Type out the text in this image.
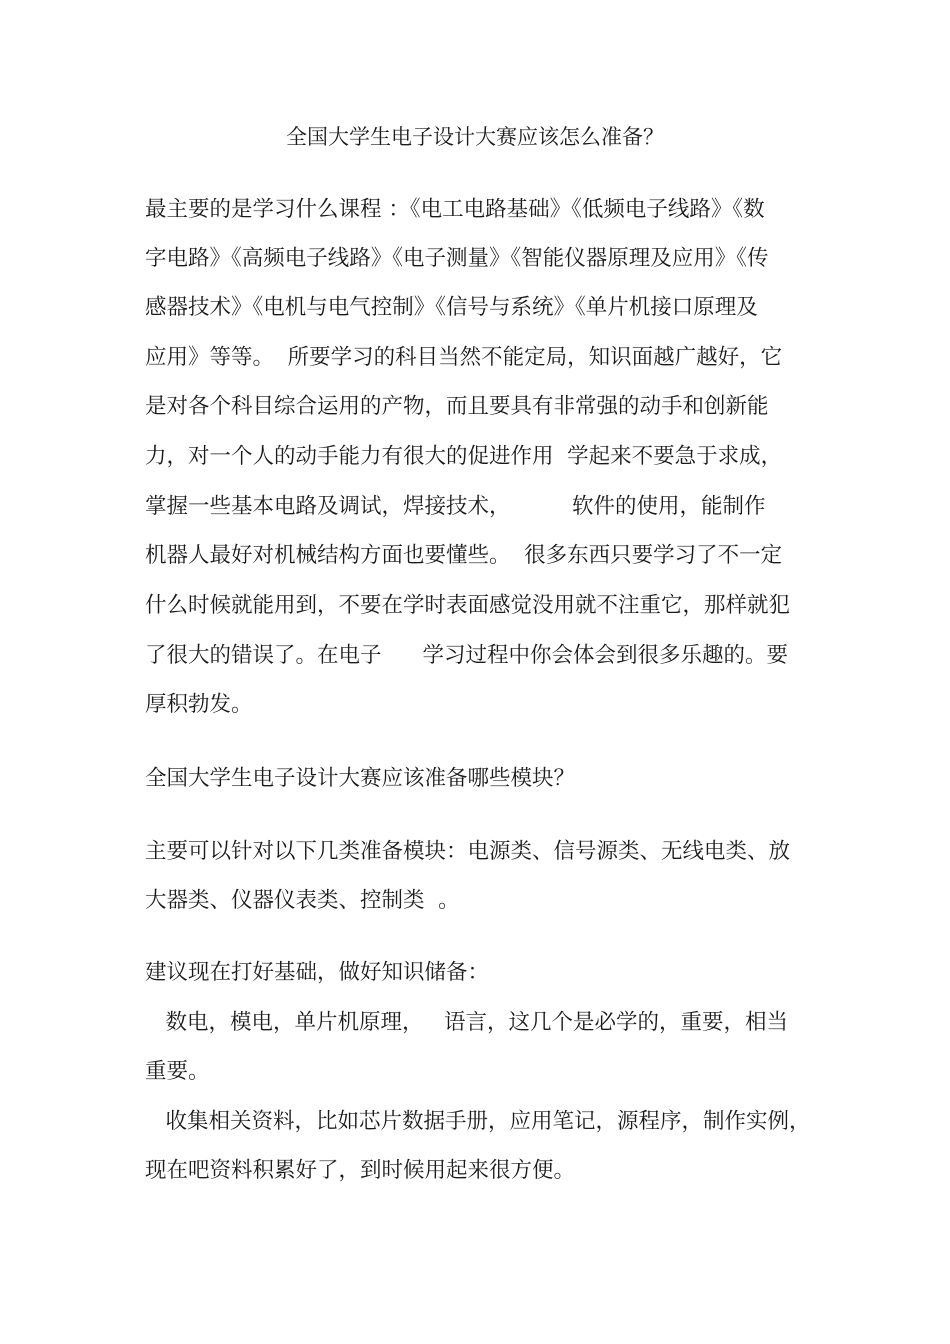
全国大学生电子设计大赛应该怎么准备？
最主要的是学习什么课程 ：《电工电路基础》《低频电子线路》《数
字电路》《高频电子线路》《电子测量》《智能仪器原理及应用》《传
感器技术》《电机与电气控制》《信号与系统》《单片机接口原理及
应用》等等。  所要学习的科目当然不能定局，知识面越广越好，它
是对各个科目综合运用的产物，而且要具有非常强的动手和创新能
力，对一个人的动手能力有很大的促进作用  学起来不要急于求成，
掌握一些基本电路及调试，焊接技术，         软件的使用，能制作
机器人最好对机械结构方面也要懂些。  很多东西只要学习了不一定
什么时候就能用到，不要在学时表面感觉没用就不注重它，那样就犯
了很大的错误了。在电子      学习过程中你会体会到很多乐趣的。要
厚积勃发。
全国大学生电子设计大赛应该准备哪些模块？
主要可以针对以下几类准备模块：电源类、信号源类、无线电类、放
大器类、仪器仪表类、控制类  。
建议现在打好基础，做好知识储备：
数电，模电，单片机原理，   语言，这几个是必学的，重要，相当
重要。
收集相关资料，比如芯片数据手册，应用笔记，源程序，制作实例，
现在吧资料积累好了，到时候用起来很方便。
